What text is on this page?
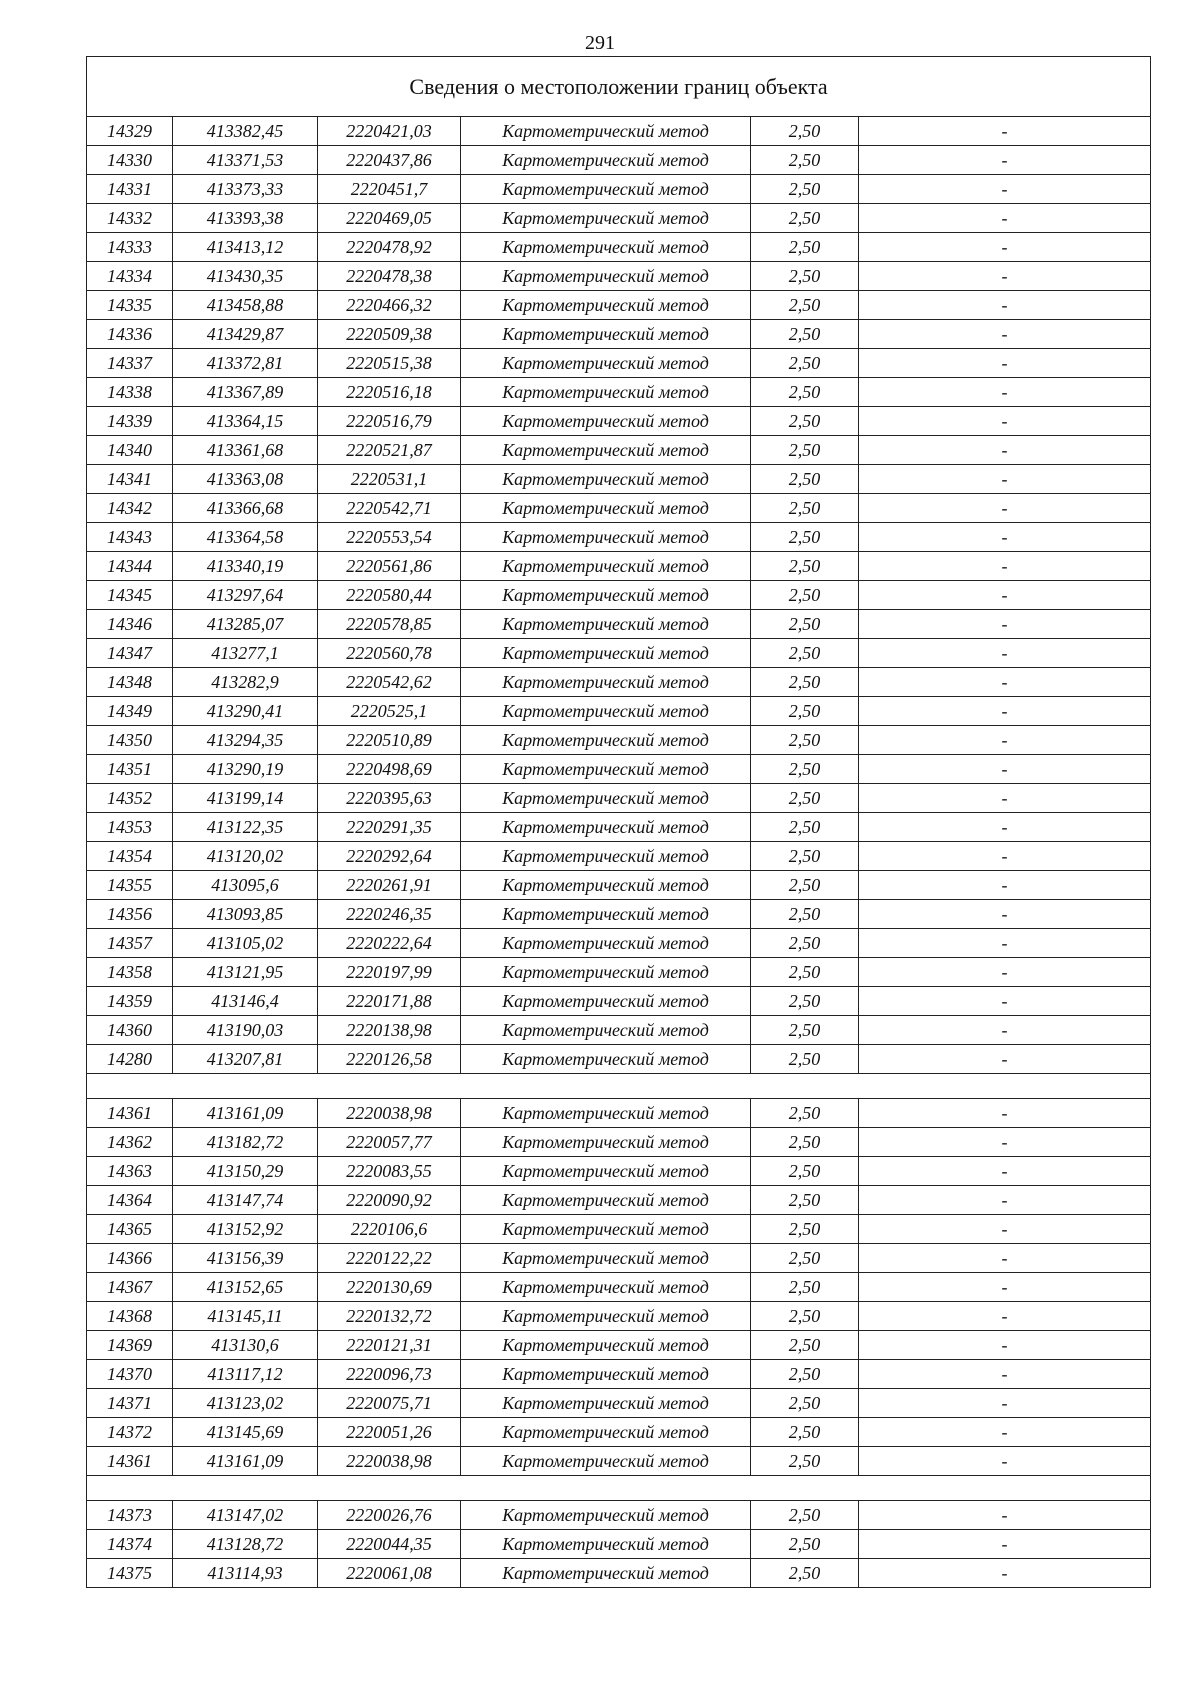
291
Сведения о местоположении границ объекта					
14329	413382,45	2220421,03	Картометрический метод	2,50	-
14330	413371,53	2220437,86	Картометрический метод	2,50	-
14331	413373,33	2220451,7	Картометрический метод	2,50	-
14332	413393,38	2220469,05	Картометрический метод	2,50	-
14333	413413,12	2220478,92	Картометрический метод	2,50	-
14334	413430,35	2220478,38	Картометрический метод	2,50	-
14335	413458,88	2220466,32	Картометрический метод	2,50	-
14336	413429,87	2220509,38	Картометрический метод	2,50	-
14337	413372,81	2220515,38	Картометрический метод	2,50	-
14338	413367,89	2220516,18	Картометрический метод	2,50	-
14339	413364,15	2220516,79	Картометрический метод	2,50	-
14340	413361,68	2220521,87	Картометрический метод	2,50	-
14341	413363,08	2220531,1	Картометрический метод	2,50	-
14342	413366,68	2220542,71	Картометрический метод	2,50	-
14343	413364,58	2220553,54	Картометрический метод	2,50	-
14344	413340,19	2220561,86	Картометрический метод	2,50	-
14345	413297,64	2220580,44	Картометрический метод	2,50	-
14346	413285,07	2220578,85	Картометрический метод	2,50	-
14347	413277,1	2220560,78	Картометрический метод	2,50	-
14348	413282,9	2220542,62	Картометрический метод	2,50	-
14349	413290,41	2220525,1	Картометрический метод	2,50	-
14350	413294,35	2220510,89	Картометрический метод	2,50	-
14351	413290,19	2220498,69	Картометрический метод	2,50	-
14352	413199,14	2220395,63	Картометрический метод	2,50	-
14353	413122,35	2220291,35	Картометрический метод	2,50	-
14354	413120,02	2220292,64	Картометрический метод	2,50	-
14355	413095,6	2220261,91	Картометрический метод	2,50	-
14356	413093,85	2220246,35	Картометрический метод	2,50	-
14357	413105,02	2220222,64	Картометрический метод	2,50	-
14358	413121,95	2220197,99	Картометрический метод	2,50	-
14359	413146,4	2220171,88	Картометрический метод	2,50	-
14360	413190,03	2220138,98	Картометрический метод	2,50	-
14280	413207,81	2220126,58	Картометрический метод	2,50	-

14361	413161,09	2220038,98	Картометрический метод	2,50	-
14362	413182,72	2220057,77	Картометрический метод	2,50	-
14363	413150,29	2220083,55	Картометрический метод	2,50	-
14364	413147,74	2220090,92	Картометрический метод	2,50	-
14365	413152,92	2220106,6	Картометрический метод	2,50	-
14366	413156,39	2220122,22	Картометрический метод	2,50	-
14367	413152,65	2220130,69	Картометрический метод	2,50	-
14368	413145,11	2220132,72	Картометрический метод	2,50	-
14369	413130,6	2220121,31	Картометрический метод	2,50	-
14370	413117,12	2220096,73	Картометрический метод	2,50	-
14371	413123,02	2220075,71	Картометрический метод	2,50	-
14372	413145,69	2220051,26	Картометрический метод	2,50	-
14361	413161,09	2220038,98	Картометрический метод	2,50	-

14373	413147,02	2220026,76	Картометрический метод	2,50	-
14374	413128,72	2220044,35	Картометрический метод	2,50	-
14375	413114,93	2220061,08	Картометрический метод	2,50	-
